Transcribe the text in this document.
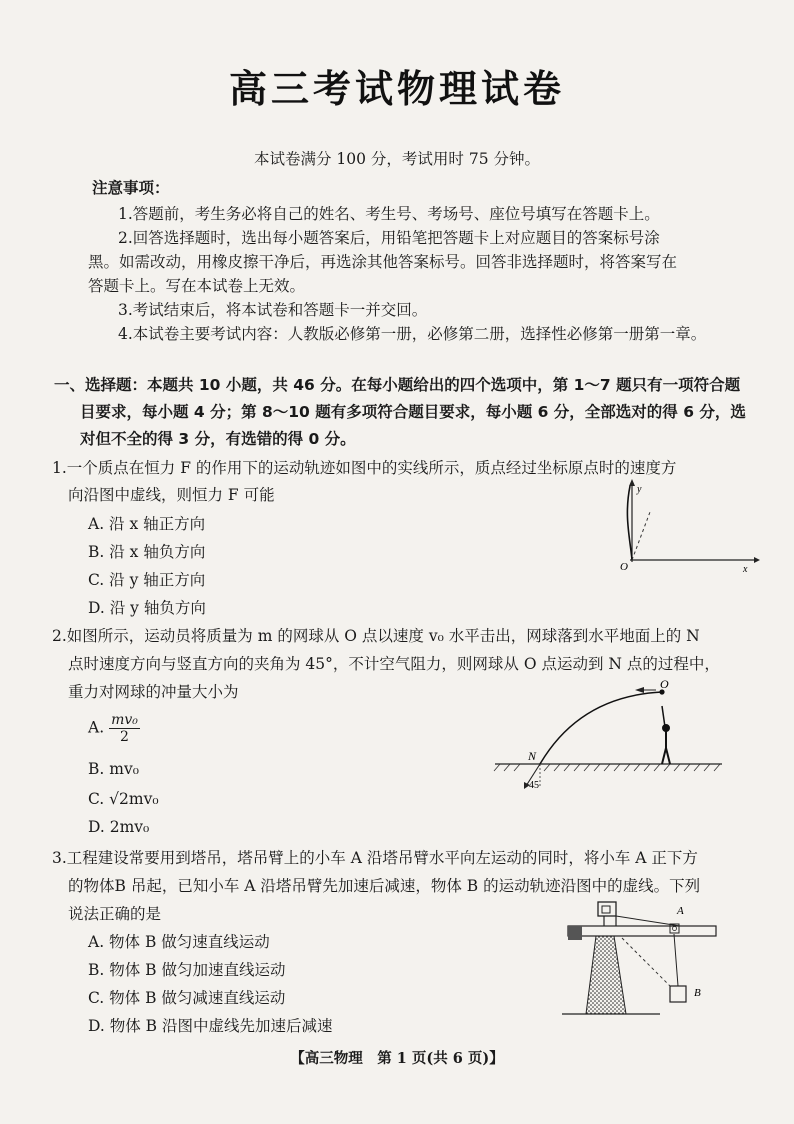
高三考试物理试卷
本试卷满分 100 分，考试用时 75 分钟。
注意事项：
1.答题前，考生务必将自己的姓名、考生号、考场号、座位号填写在答题卡上。
2.回答选择题时，选出每小题答案后，用铅笔把答题卡上对应题目的答案标号涂
黑。如需改动，用橡皮擦干净后，再选涂其他答案标号。回答非选择题时，将答案写在
答题卡上。写在本试卷上无效。
3.考试结束后，将本试卷和答题卡一并交回。
4.本试卷主要考试内容：人教版必修第一册，必修第二册，选择性必修第一册第一章。
一、选择题：本题共 10 小题，共 46 分。在每小题给出的四个选项中，第 1～7 题只有一项符合题
目要求，每小题 4 分；第 8～10 题有多项符合题目要求，每小题 6 分，全部选对的得 6 分，选
对但不全的得 3 分，有选错的得 0 分。
1.一个质点在恒力 F 的作用下的运动轨迹如图中的实线所示，质点经过坐标原点时的速度方
向沿图中虚线，则恒力 F 可能
A. 沿 x 轴正方向
B. 沿 x 轴负方向
C. 沿 y 轴正方向
D. 沿 y 轴负方向
O
y
x
2.如图所示，运动员将质量为 m 的网球从 O 点以速度 v₀ 水平击出，网球落到水平地面上的 N
点时速度方向与竖直方向的夹角为 45°，不计空气阻力，则网球从 O 点运动到 N 点的过程中，
重力对网球的冲量大小为
A. $\frac{\text{mv₀}}{2}$
B. mv₀
C. √2mv₀
D. 2mv₀
O
N
45
3.工程建设常要用到塔吊，塔吊臂上的小车 A 沿塔吊臂水平向左运动的同时，将小车 A 正下方
的物体B 吊起，已知小车 A 沿塔吊臂先加速后减速，物体 B 的运动轨迹沿图中的虚线。下列
说法正确的是
A. 物体 B 做匀速直线运动
B. 物体 B 做匀加速直线运动
C. 物体 B 做匀减速直线运动
D. 物体 B 沿图中虚线先加速后减速
A
B
【高三物理　第 1 页(共 6 页)】
